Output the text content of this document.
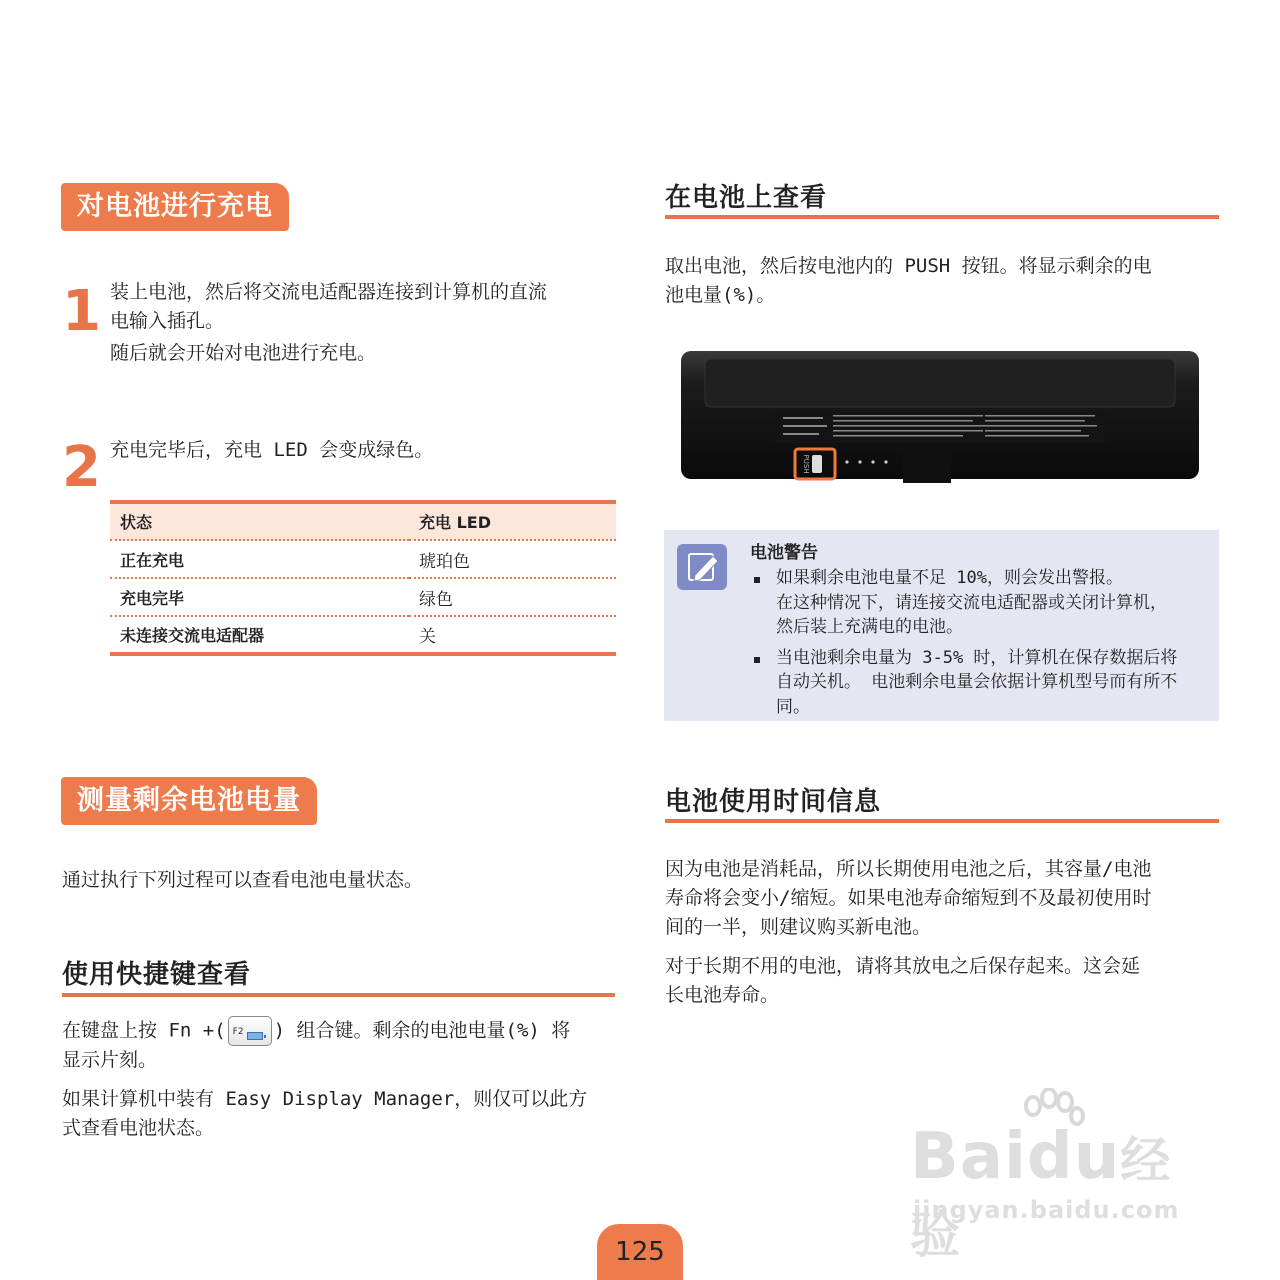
对电池进行充电
1 装上电池，然后将交流电适配器连接到计算机的直流

电输入插孔。

随后就会开始对电池进行充电。

2 充电完毕后，充电 LED 会变成绿色。
状态	充电 LED
正在充电	琥珀色
充电完毕	绿色
未连接交流电适配器	关
测量剩余电池电量
通过执行下列过程可以查看电池电量状态。
使用快捷键查看

在键盘上按 Fn +( F2 ) 组合键。剩余的电池电量(%) 将

显示片刻。

如果计算机中装有 Easy Display Manager，则仅可以此方

式查看电池状态。

在电池上查看

取出电池，然后按电池内的 PUSH 按钮。将显示剩余的电

池电量(%)。

PUSH
电池警告
如果剩余电池电量不足 10%，则会发出警报。
在这种情况下，请连接交流电适配器或关闭计算机，
然后装上充满电的电池。
当电池剩余电量为 3-5% 时，计算机在保存数据后将
自动关机。 电池剩余电量会依据计算机型号而有所不
同。
电池使用时间信息

因为电池是消耗品，所以长期使用电池之后，其容量/电池

寿命将会变小/缩短。如果电池寿命缩短到不及最初使用时

间的一半，则建议购买新电池。

对于长期不用的电池，请将其放电之后保存起来。这会延

长电池寿命。

Baidu经验
jingyan.baidu.com
125
